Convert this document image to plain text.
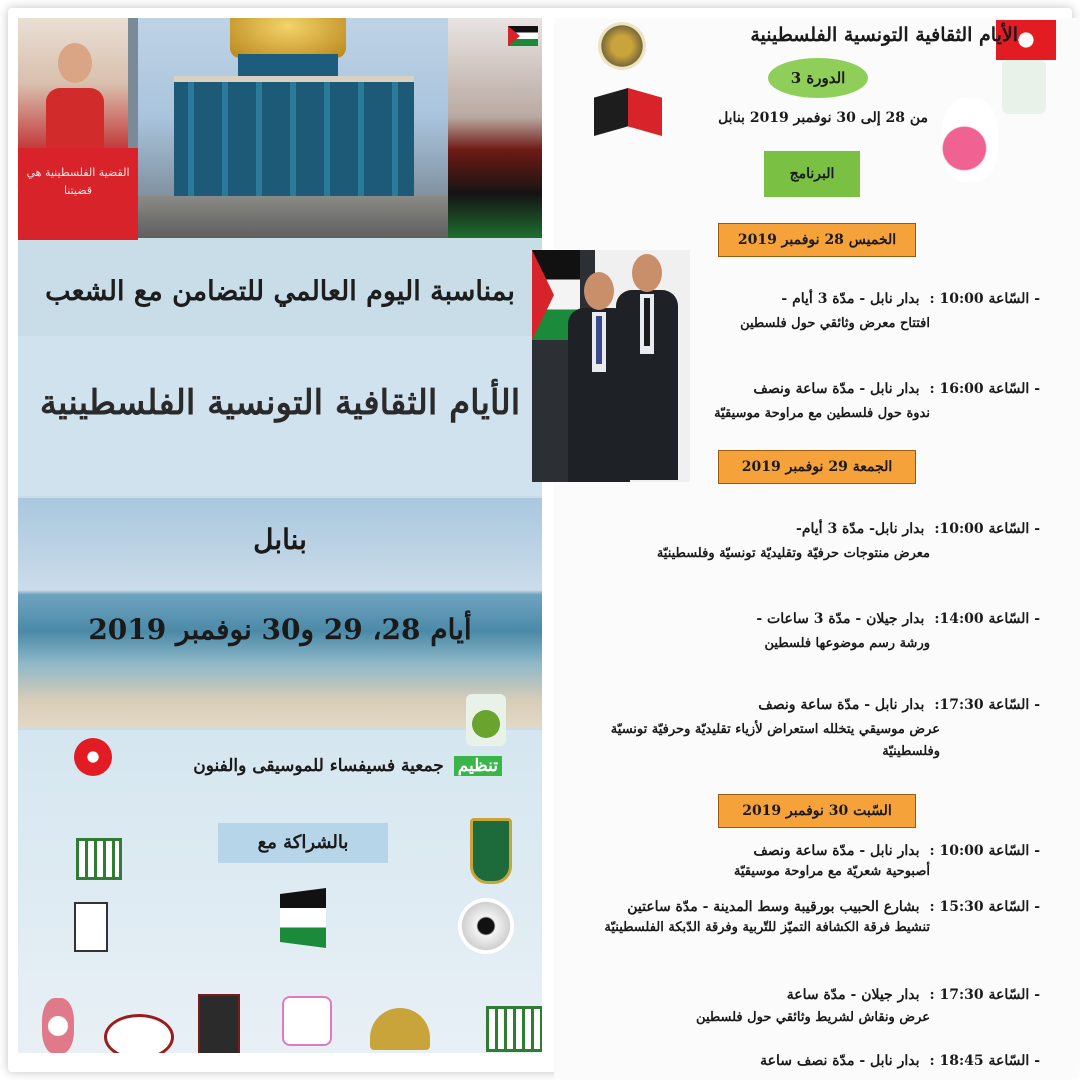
القضية الفلسطينية هي قضيتنا
بمناسبة اليوم العالمي للتضامن مع الشعب
الأيام الثقافية التونسية الفلسطينية
بنابل
أيام 28، 29 و30 نوفمبر 2019
تنظيم جمعية فسيفساء للموسيقى والفنون
بالشراكة مع
الأيام الثقافية التونسية الفلسطينية
الدورة 3
من 28 إلى 30 نوفمبر 2019 بنابل
البرنامج
الخميس 28 نوفمبر 2019
- السّاعة 10:00 :بدار نابل - مدّة 3 أيام -
افتتاح معرض وثائقي حول فلسطين
- السّاعة 16:00 :بدار نابل - مدّة ساعة ونصف
ندوة حول فلسطين مع مراوحة موسيقيّة
الجمعة 29 نوفمبر 2019
- السّاعة 10:00:بدار نابل- مدّة 3 أيام-
معرض منتوجات حرفيّة وتقليديّة تونسيّة وفلسطينيّة
- السّاعة 14:00:بدار جيلان - مدّة 3 ساعات -
ورشة رسم موضوعها فلسطين
- السّاعة 17:30:بدار نابل - مدّة ساعة ونصف
عرض موسيقي يتخلله استعراض لأزياء تقليديّة وحرفيّة تونسيّة وفلسطينيّة
السّبت 30 نوفمبر 2019
- السّاعة 10:00 :بدار نابل - مدّة ساعة ونصف
أصبوحية شعريّة مع مراوحة موسيقيّة
- السّاعة 15:30 :بشارع الحبيب بورقيبة وسط المدينة - مدّة ساعتين
تنشيط فرقة الكشافة التميّز للتّربية وفرقة الدّبكة الفلسطينيّة
- السّاعة 17:30 :بدار جيلان - مدّة ساعة
عرض ونقاش لشريط وثائقي حول فلسطين
- السّاعة 18:45 :بدار نابل - مدّة نصف ساعة
